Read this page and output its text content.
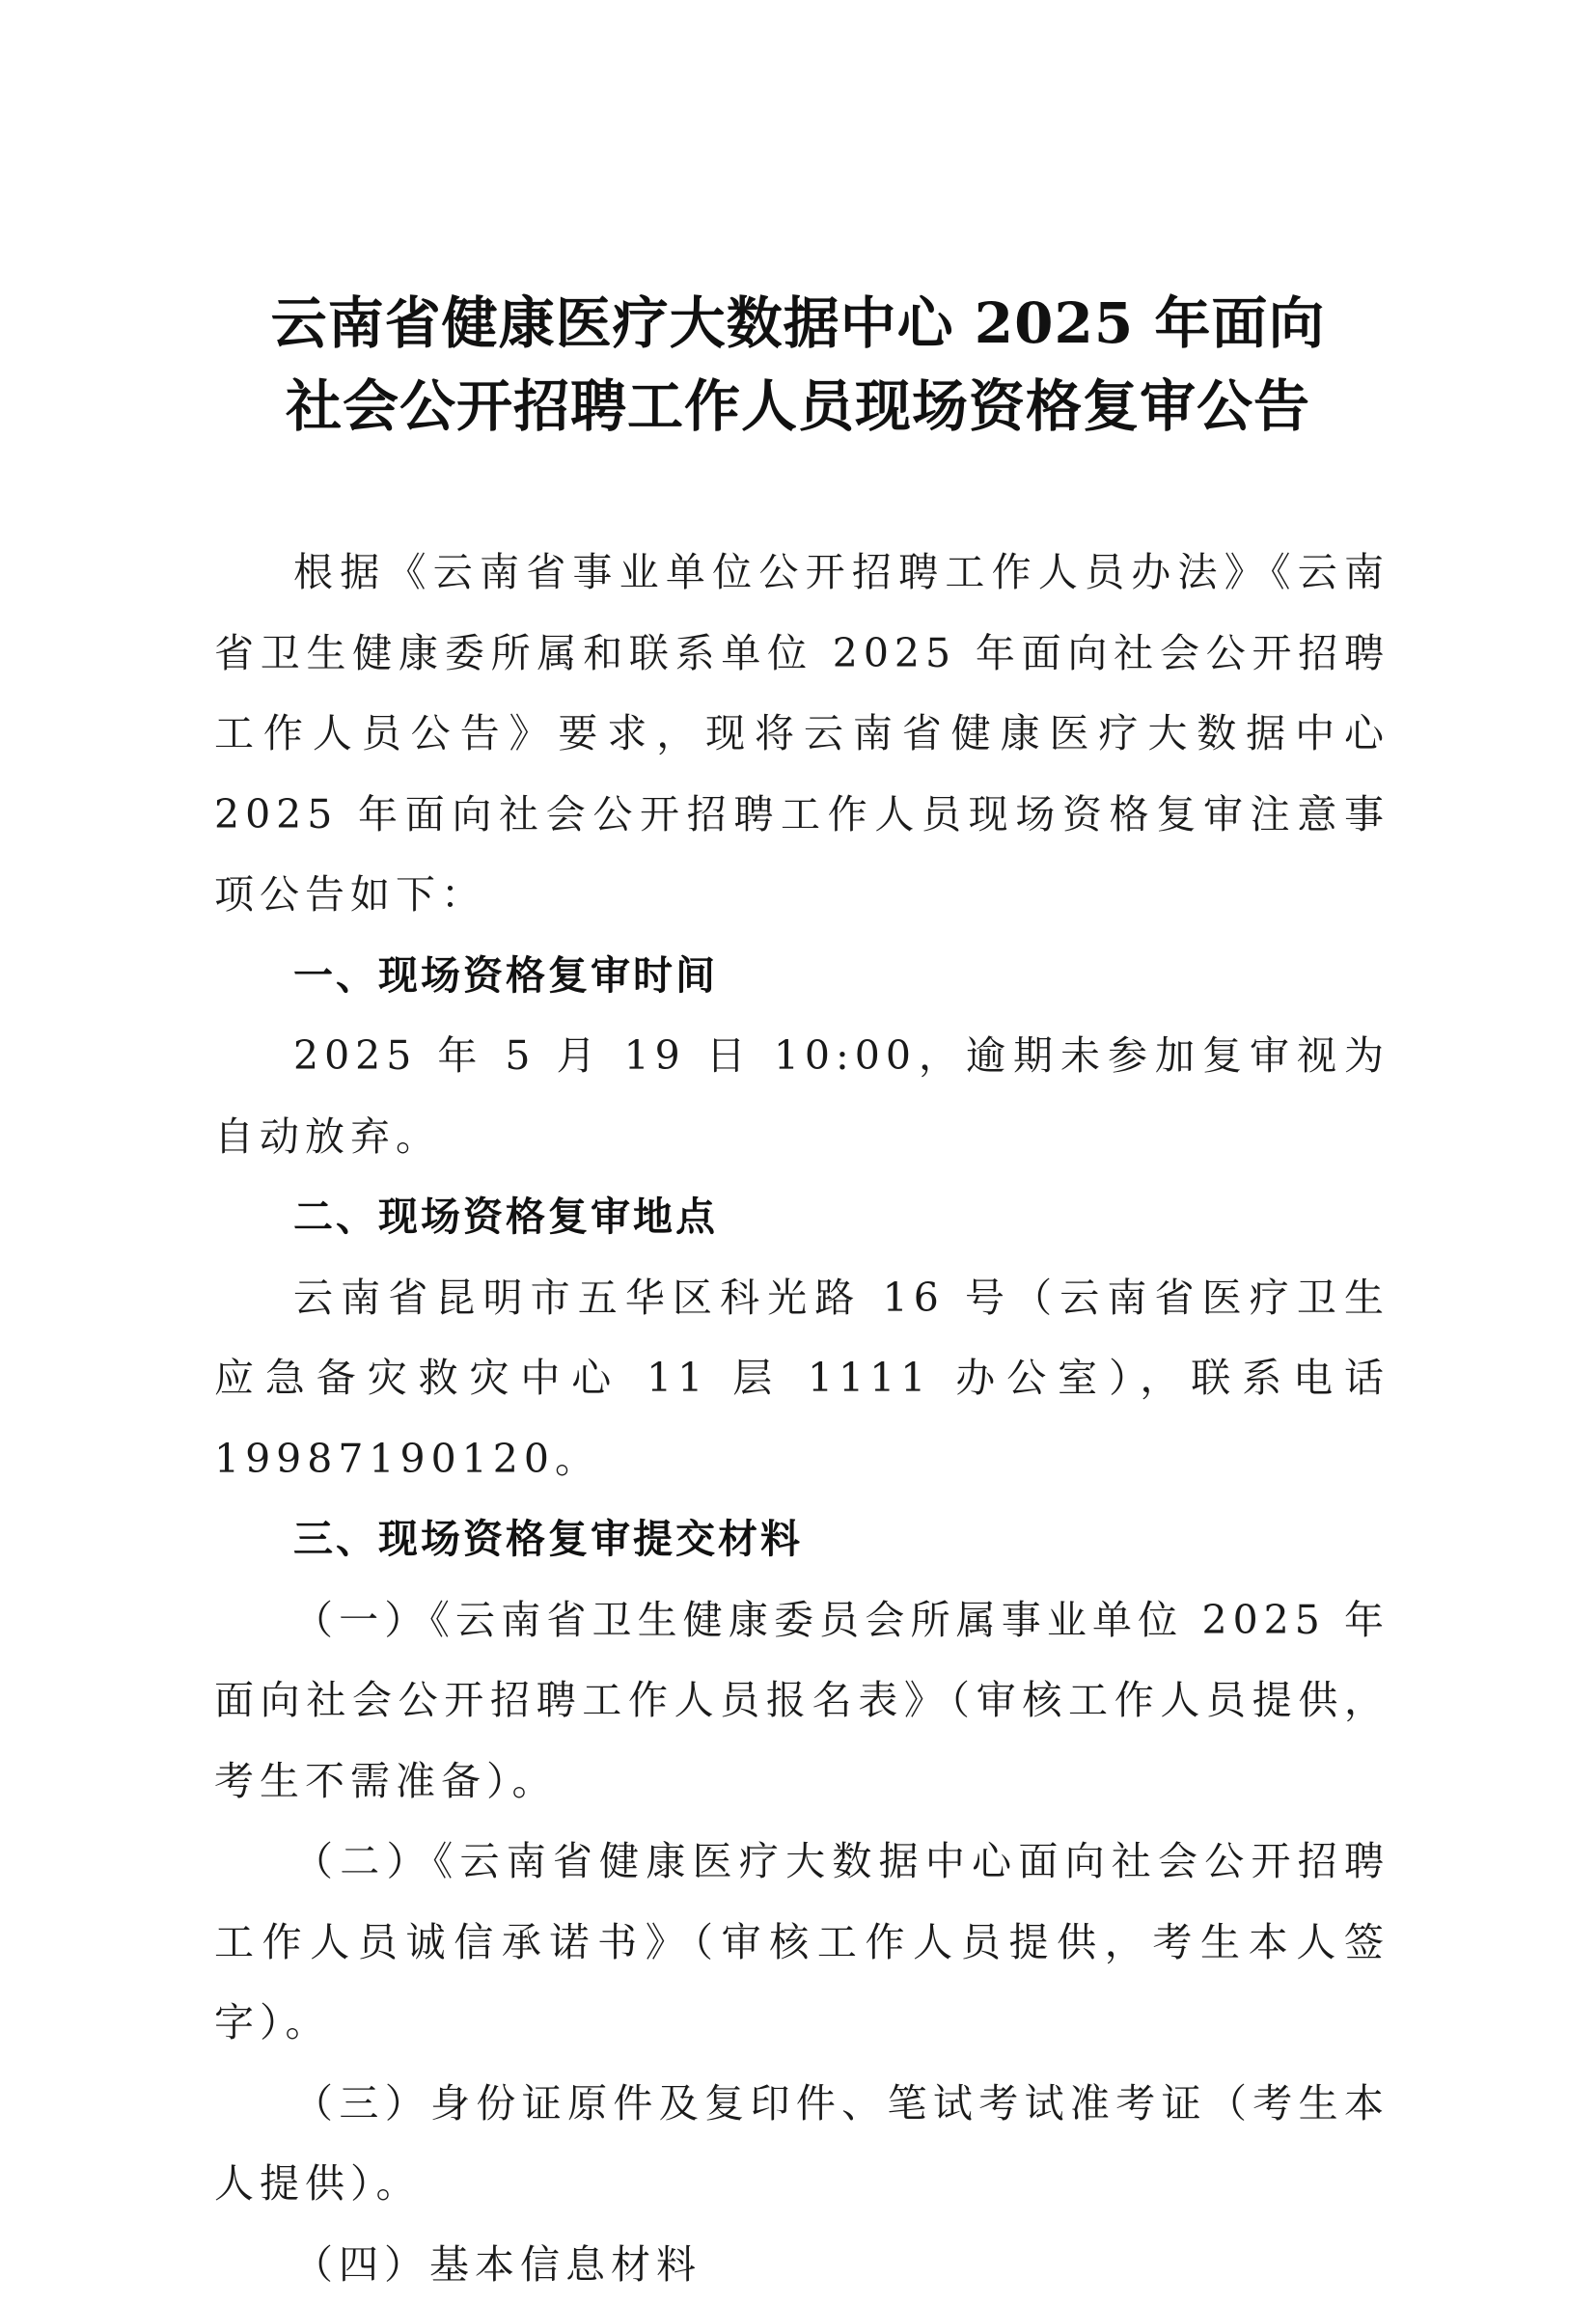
云南省健康医疗大数据中心 2025 年面向
社会公开招聘工作人员现场资格复审公告

根据《云南省事业单位公开招聘工作人员办法》《云南省卫生健康委所属和联系单位 2025 年面向社会公开招聘工作人员公告》要求，现将云南省健康医疗大数据中心 2025 年面向社会公开招聘工作人员现场资格复审注意事项公告如下：

一、现场资格复审时间

2025 年 5 月 19 日 10:00，逾期未参加复审视为自动放弃。

二、现场资格复审地点

云南省昆明市五华区科光路 16 号（云南省医疗卫生应急备灾救灾中心 11 层 1111 办公室），联系电话 19987190120。

三、现场资格复审提交材料

（一）《云南省卫生健康委员会所属事业单位 2025 年面向社会公开招聘工作人员报名表》（审核工作人员提供，考生不需准备）。

（二）《云南省健康医疗大数据中心面向社会公开招聘工作人员诚信承诺书》（审核工作人员提供，考生本人签字）。

（三）身份证原件及复印件、笔试考试准考证（考生本人提供）。

（四）基本信息材料
